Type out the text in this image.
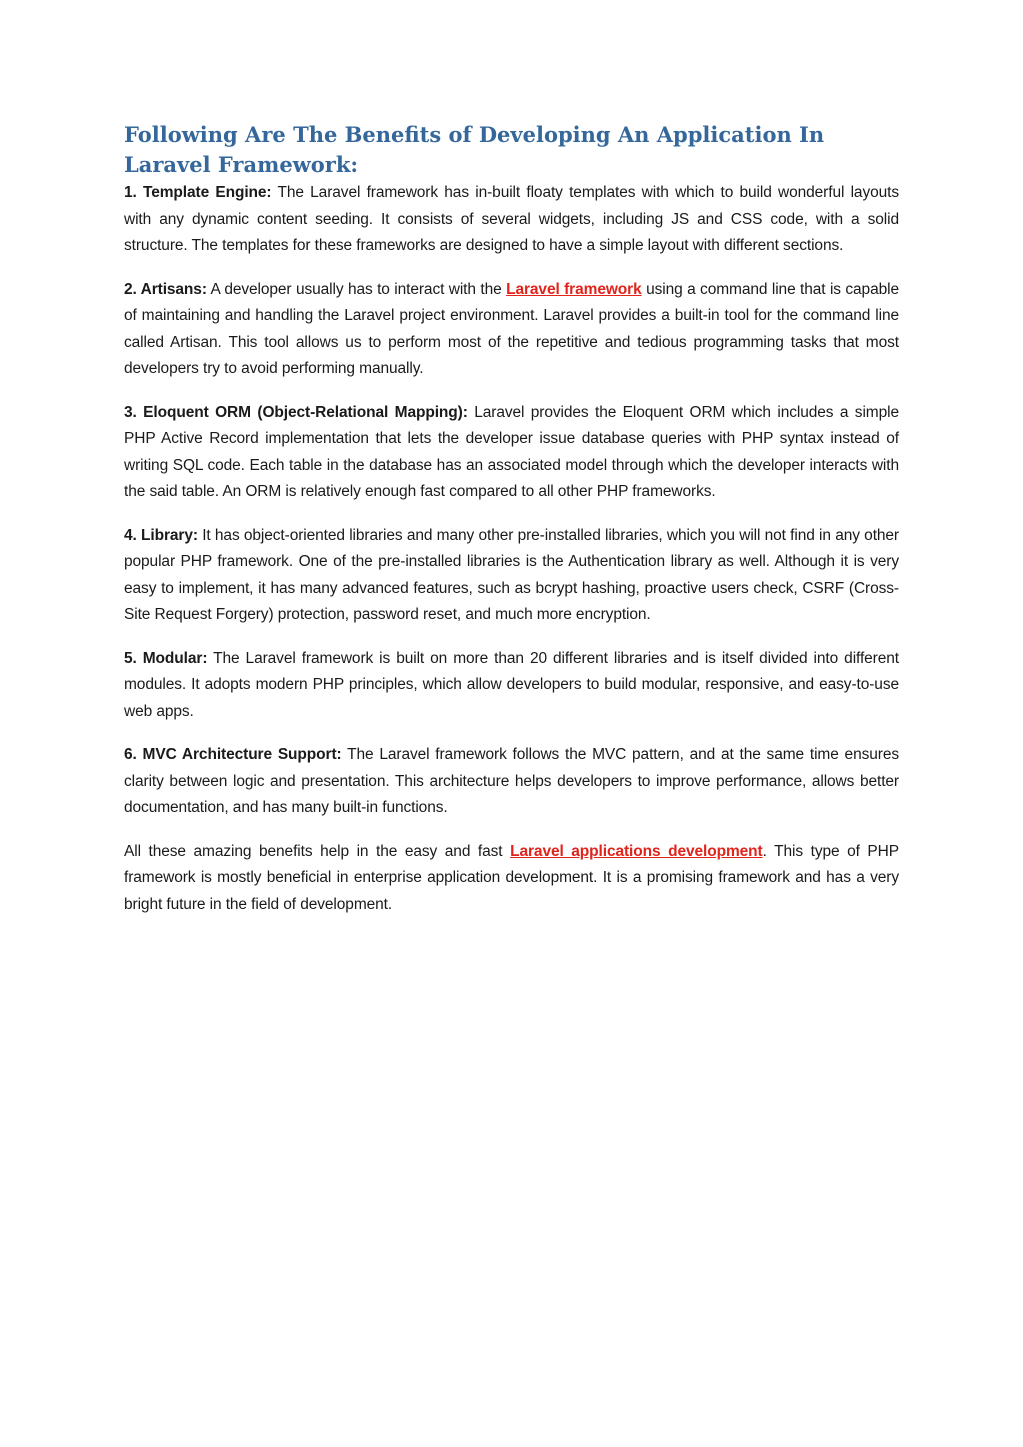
Following Are The Benefits of Developing An Application In Laravel Framework:

1. Template Engine: The Laravel framework has in-built floaty templates with which to build wonderful layouts with any dynamic content seeding. It consists of several widgets, including JS and CSS code, with a solid structure. The templates for these frameworks are designed to have a simple layout with different sections.

2. Artisans: A developer usually has to interact with the Laravel framework using a command line that is capable of maintaining and handling the Laravel project environment. Laravel provides a built-in tool for the command line called Artisan. This tool allows us to perform most of the repetitive and tedious programming tasks that most developers try to avoid performing manually.

3. Eloquent ORM (Object-Relational Mapping): Laravel provides the Eloquent ORM which includes a simple PHP Active Record implementation that lets the developer issue database queries with PHP syntax instead of writing SQL code. Each table in the database has an associated model through which the developer interacts with the said table. An ORM is relatively enough fast compared to all other PHP frameworks.

4. Library: It has object-oriented libraries and many other pre-installed libraries, which you will not find in any other popular PHP framework. One of the pre-installed libraries is the Authentication library as well. Although it is very easy to implement, it has many advanced features, such as bcrypt hashing, proactive users check, CSRF (Cross-Site Request Forgery) protection, password reset, and much more encryption.

5. Modular: The Laravel framework is built on more than 20 different libraries and is itself divided into different modules. It adopts modern PHP principles, which allow developers to build modular, responsive, and easy-to-use web apps.

6. MVC Architecture Support: The Laravel framework follows the MVC pattern, and at the same time ensures clarity between logic and presentation. This architecture helps developers to improve performance, allows better documentation, and has many built-in functions.

All these amazing benefits help in the easy and fast Laravel applications development. This type of PHP framework is mostly beneficial in enterprise application development. It is a promising framework and has a very bright future in the field of development.
